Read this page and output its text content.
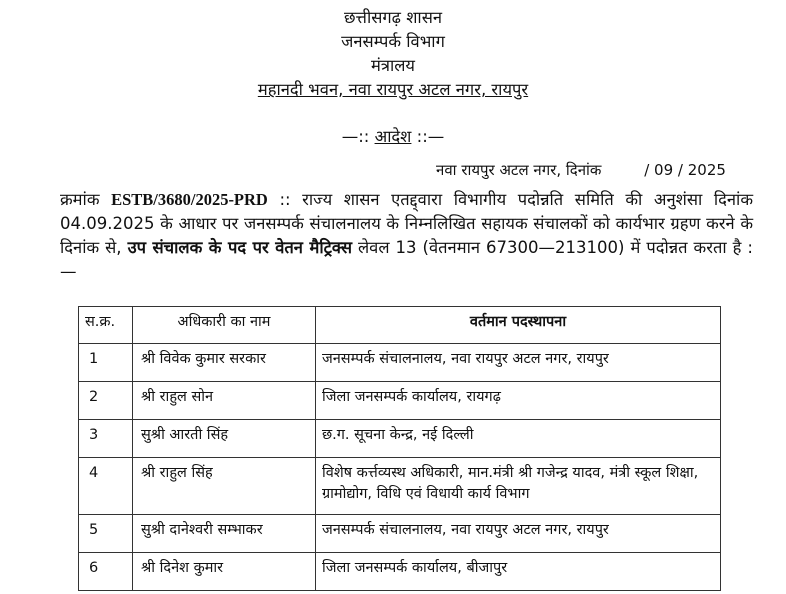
छत्तीसगढ़ शासन
जनसम्पर्क विभाग
मंत्रालय
महानदी भवन, नवा रायपुर अटल नगर, रायपुर
—:: आदेश ::—
नवा रायपुर अटल नगर, दिनांक	/ 09 / 2025
क्रमांक ESTB/3680/2025-PRD :: राज्य शासन एतद्द्वारा विभागीय पदोन्नति समिति की अनुशंसा दिनांक 04.09.2025 के आधार पर जनसम्पर्क संचालनालय के निम्नलिखित सहायक संचालकों को कार्यभार ग्रहण करने के दिनांक से, उप संचालक के पद पर वेतन मैट्रिक्स लेवल 13 (वेतनमान 67300—213100) में पदोन्नत करता है :—
स.क्र.	अधिकारी का नाम	वर्तमान पदस्थापना
1	श्री विवेक कुमार सरकार	जनसम्पर्क संचालनालय, नवा रायपुर अटल नगर, रायपुर
2	श्री राहुल सोन	जिला जनसम्पर्क कार्यालय, रायगढ़
3	सुश्री आरती सिंह	छ.ग. सूचना केन्द्र, नई दिल्ली
4	श्री राहुल सिंह	विशेष कर्त्तव्यस्थ अधिकारी, मान.मंत्री श्री गजेन्द्र यादव, मंत्री स्कूल शिक्षा, ग्रामोद्योग, विधि एवं विधायी कार्य विभाग
5	सुश्री दानेश्वरी सम्भाकर	जनसम्पर्क संचालनालय, नवा रायपुर अटल नगर, रायपुर
6	श्री दिनेश कुमार	जिला जनसम्पर्क कार्यालय, बीजापुर
